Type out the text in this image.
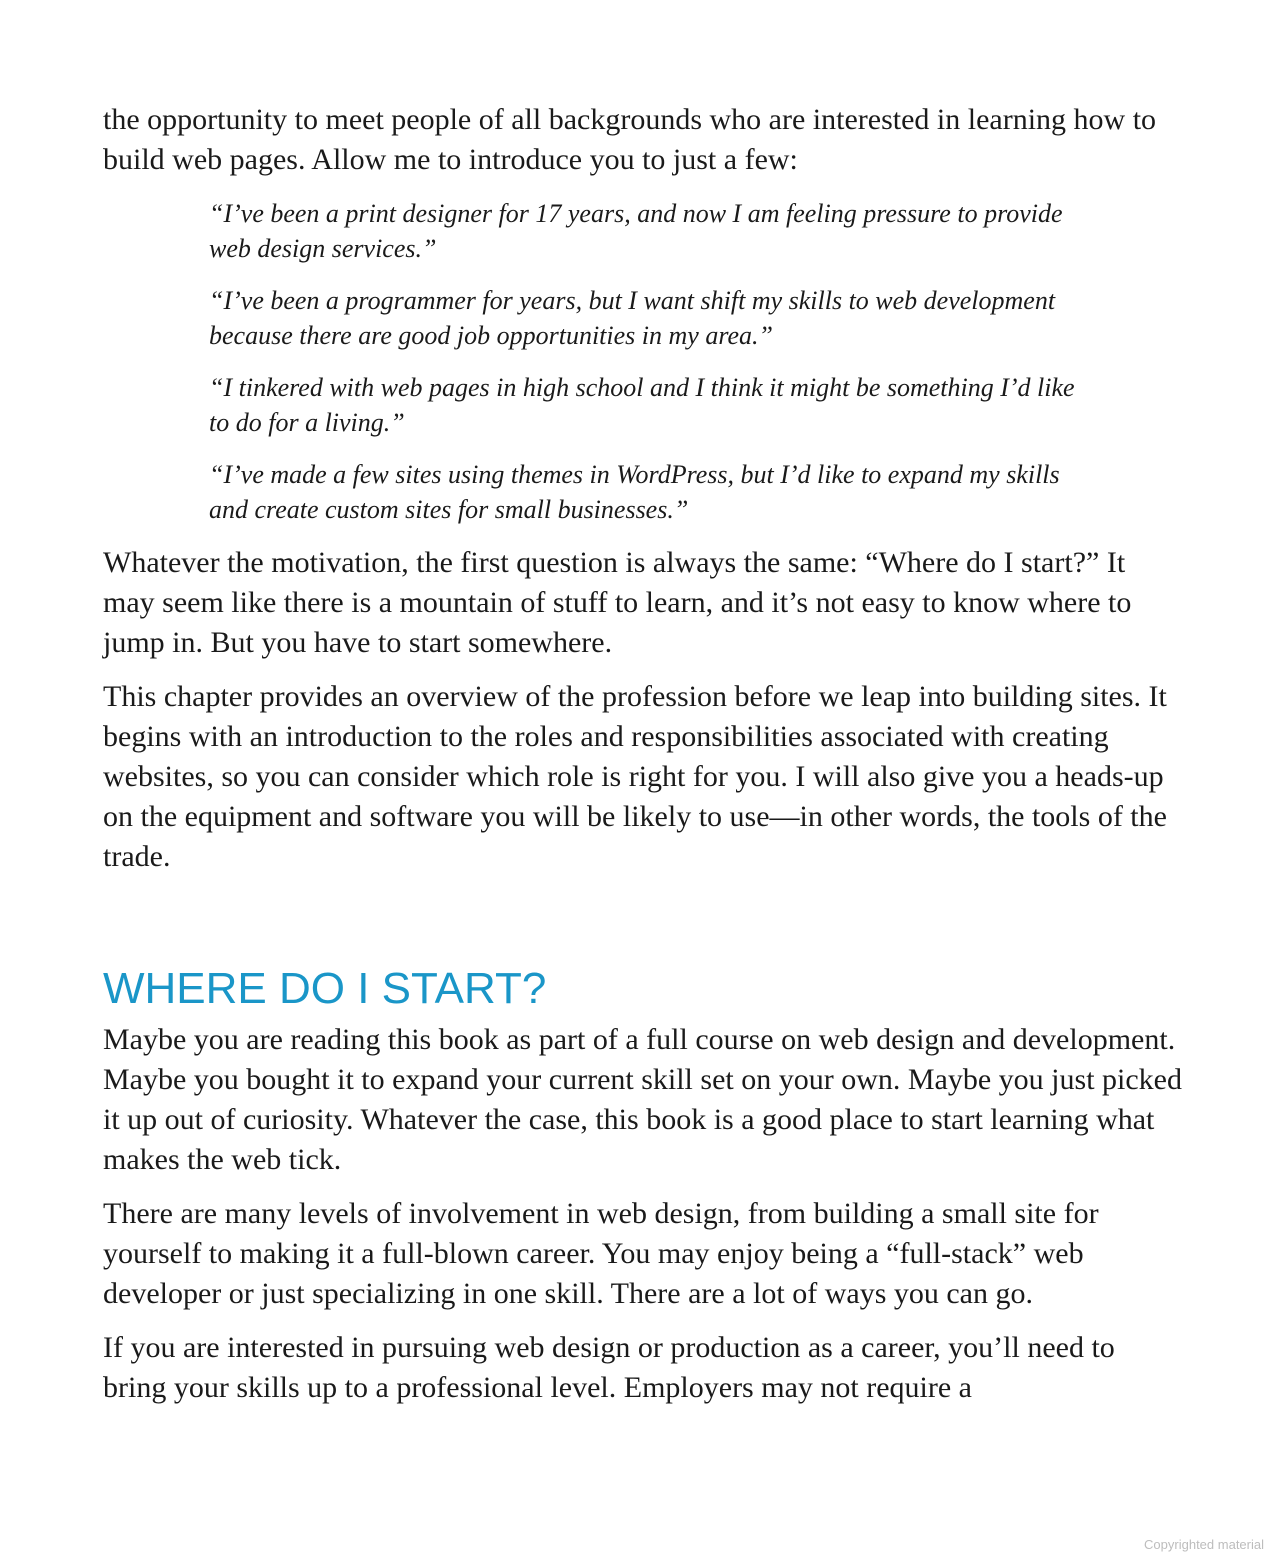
the opportunity to meet people of all backgrounds who are interested in learning how to build web pages. Allow me to introduce you to just a few:

“I’ve been a print designer for 17 years, and now I am feeling pressure to provide web design services.”

“I’ve been a programmer for years, but I want shift my skills to web development because there are good job opportunities in my area.”

“I tinkered with web pages in high school and I think it might be something I’d like to do for a living.”

“I’ve made a few sites using themes in WordPress, but I’d like to expand my skills and create custom sites for small businesses.”

Whatever the motivation, the first question is always the same: “Where do I start?” It may seem like there is a mountain of stuff to learn, and it’s not easy to know where to jump in. But you have to start somewhere.

This chapter provides an overview of the profession before we leap into building sites. It begins with an introduction to the roles and responsibilities associated with creating websites, so you can consider which role is right for you. I will also give you a heads-up on the equipment and software you will be likely to use—in other words, the tools of the trade.

WHERE DO I START?

Maybe you are reading this book as part of a full course on web design and development. Maybe you bought it to expand your current skill set on your own. Maybe you just picked it up out of curiosity. Whatever the case, this book is a good place to start learning what makes the web tick.

There are many levels of involvement in web design, from building a small site for yourself to making it a full-blown career. You may enjoy being a “full-stack” web developer or just specializing in one skill. There are a lot of ways you can go.

If you are interested in pursuing web design or production as a career, you’ll need to bring your skills up to a professional level. Employers may not require a

Copyrighted material
